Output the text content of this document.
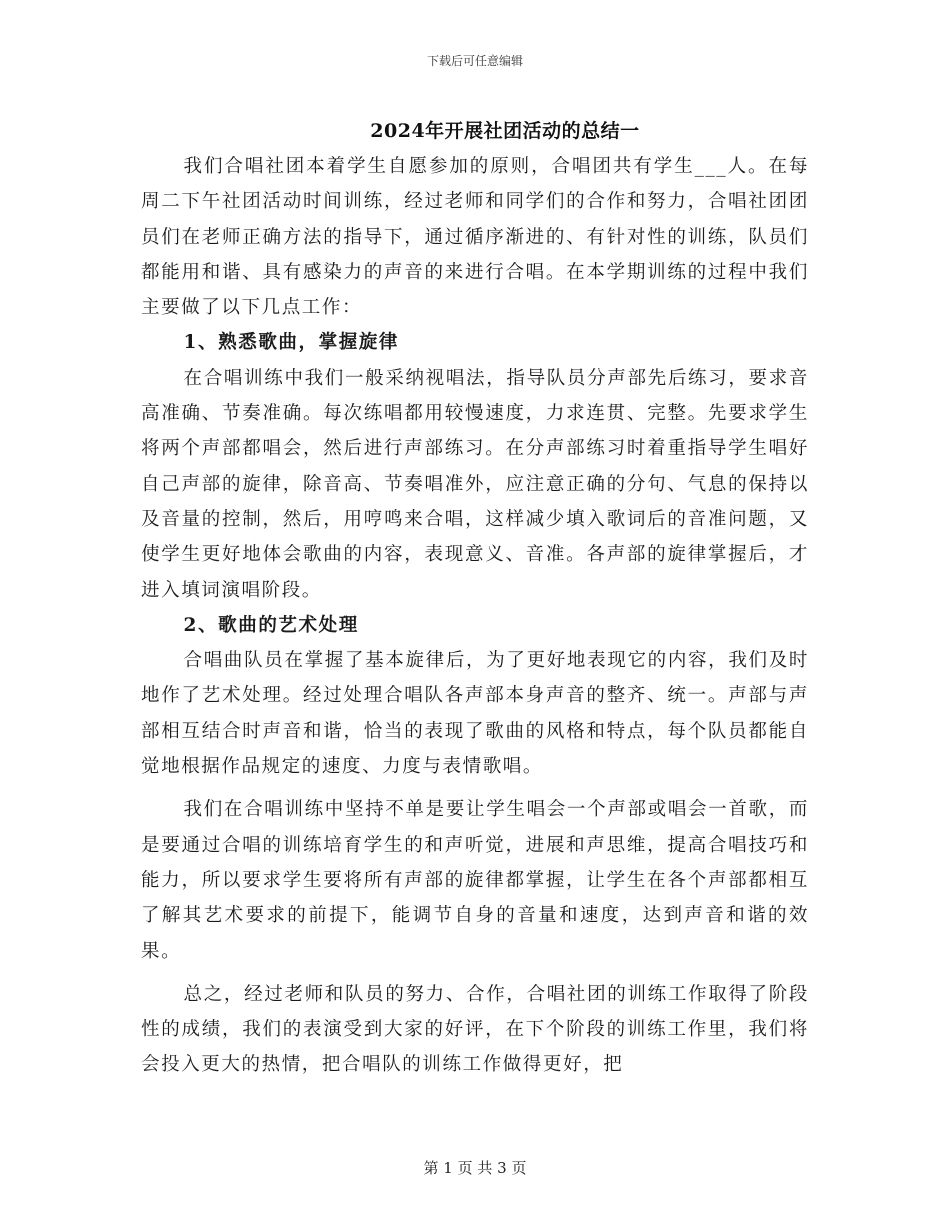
下载后可任意编辑
2024年开展社团活动的总结一

我们合唱社团本着学生自愿参加的原则，合唱团共有学生___人。在每周二下午社团活动时间训练，经过老师和同学们的合作和努力，合唱社团团员们在老师正确方法的指导下，通过循序渐进的、有针对性的训练，队员们都能用和谐、具有感染力的声音的来进行合唱。在本学期训练的过程中我们主要做了以下几点工作：

1、熟悉歌曲，掌握旋律

在合唱训练中我们一般采纳视唱法，指导队员分声部先后练习，要求音高准确、节奏准确。每次练唱都用较慢速度，力求连贯、完整。先要求学生将两个声部都唱会，然后进行声部练习。在分声部练习时着重指导学生唱好自己声部的旋律，除音高、节奏唱准外，应注意正确的分句、气息的保持以及音量的控制，然后，用哼鸣来合唱，这样减少填入歌词后的音准问题，又使学生更好地体会歌曲的内容，表现意义、音准。各声部的旋律掌握后，才进入填词演唱阶段。

2、歌曲的艺术处理

合唱曲队员在掌握了基本旋律后，为了更好地表现它的内容，我们及时地作了艺术处理。经过处理合唱队各声部本身声音的整齐、统一。声部与声部相互结合时声音和谐，恰当的表现了歌曲的风格和特点，每个队员都能自觉地根据作品规定的速度、力度与表情歌唱。

我们在合唱训练中坚持不单是要让学生唱会一个声部或唱会一首歌，而是要通过合唱的训练培育学生的和声听觉，进展和声思维，提高合唱技巧和能力，所以要求学生要将所有声部的旋律都掌握，让学生在各个声部都相互了解其艺术要求的前提下，能调节自身的音量和速度，达到声音和谐的效果。

总之，经过老师和队员的努力、合作，合唱社团的训练工作取得了阶段性的成绩，我们的表演受到大家的好评，在下个阶段的训练工作里，我们将会投入更大的热情，把合唱队的训练工作做得更好，把

第 1 页 共 3 页
